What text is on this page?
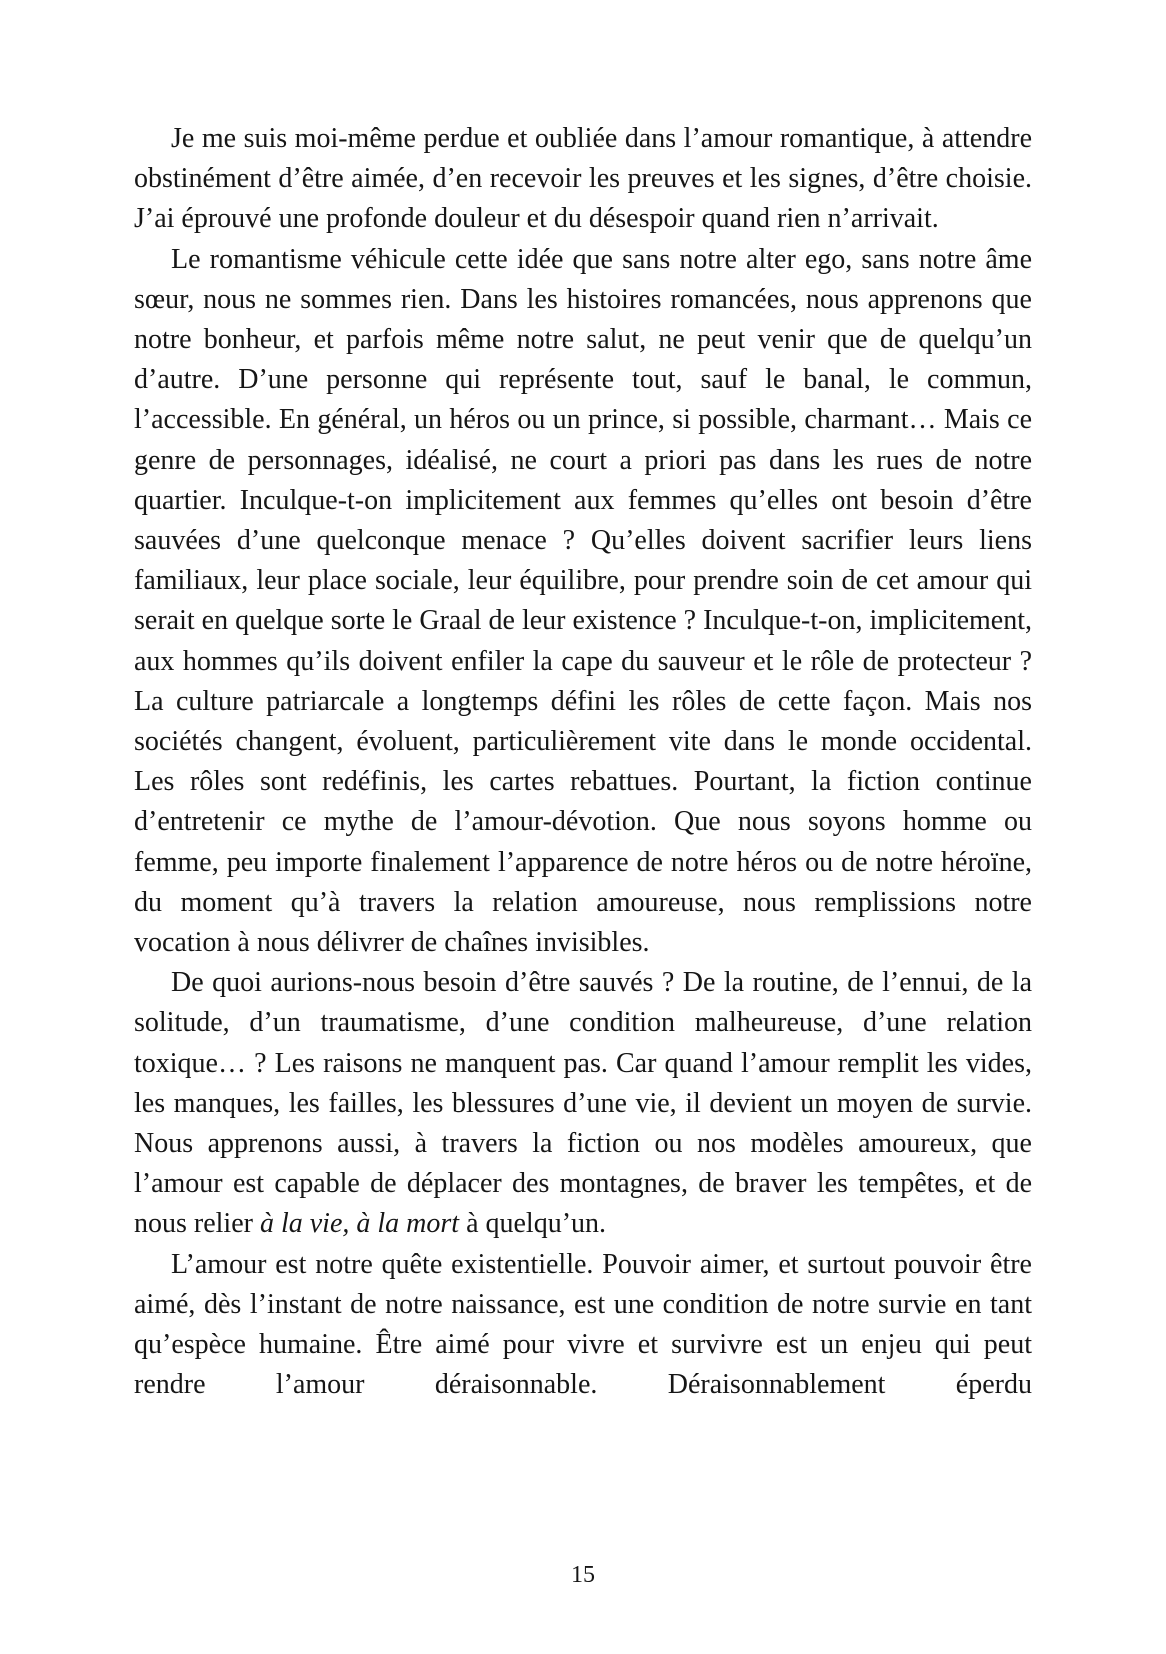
Je me suis moi-même perdue et oubliée dans l’amour romantique, à attendre obstinément d’être aimée, d’en recevoir les preuves et les signes, d’être choisie. J’ai éprouvé une profonde douleur et du désespoir quand rien n’arrivait.

Le romantisme véhicule cette idée que sans notre alter ego, sans notre âme sœur, nous ne sommes rien. Dans les histoires romancées, nous apprenons que notre bonheur, et parfois même notre salut, ne peut venir que de quelqu’un d’autre. D’une personne qui représente tout, sauf le banal, le commun, l’accessible. En général, un héros ou un prince, si possible, charmant… Mais ce genre de personnages, idéalisé, ne court a priori pas dans les rues de notre quartier. Inculque-t-on implicitement aux femmes qu’elles ont besoin d’être sauvées d’une quelconque menace ? Qu’elles doivent sacrifier leurs liens familiaux, leur place sociale, leur équilibre, pour prendre soin de cet amour qui serait en quelque sorte le Graal de leur existence ? Inculque-t-on, implicitement, aux hommes qu’ils doivent enfiler la cape du sauveur et le rôle de protecteur ? La culture patriarcale a longtemps défini les rôles de cette façon. Mais nos sociétés changent, évoluent, particulièrement vite dans le monde occidental. Les rôles sont redéfinis, les cartes rebattues. Pourtant, la fiction continue d’entretenir ce mythe de l’amour-dévotion. Que nous soyons homme ou femme, peu importe finalement l’apparence de notre héros ou de notre héroïne, du moment qu’à travers la relation amoureuse, nous remplissions notre vocation à nous délivrer de chaînes invisibles.

De quoi aurions-nous besoin d’être sauvés ? De la routine, de l’ennui, de la solitude, d’un traumatisme, d’une condition malheureuse, d’une relation toxique… ? Les raisons ne manquent pas. Car quand l’amour remplit les vides, les manques, les failles, les blessures d’une vie, il devient un moyen de survie. Nous apprenons aussi, à travers la fiction ou nos modèles amoureux, que l’amour est capable de déplacer des montagnes, de braver les tempêtes, et de nous relier à la vie, à la mort à quelqu’un.

L’amour est notre quête existentielle. Pouvoir aimer, et surtout pouvoir être aimé, dès l’instant de notre naissance, est une condition de notre survie en tant qu’espèce humaine. Être aimé pour vivre et survivre est un enjeu qui peut rendre l’amour déraisonnable. Déraisonnablement éperdu

15
